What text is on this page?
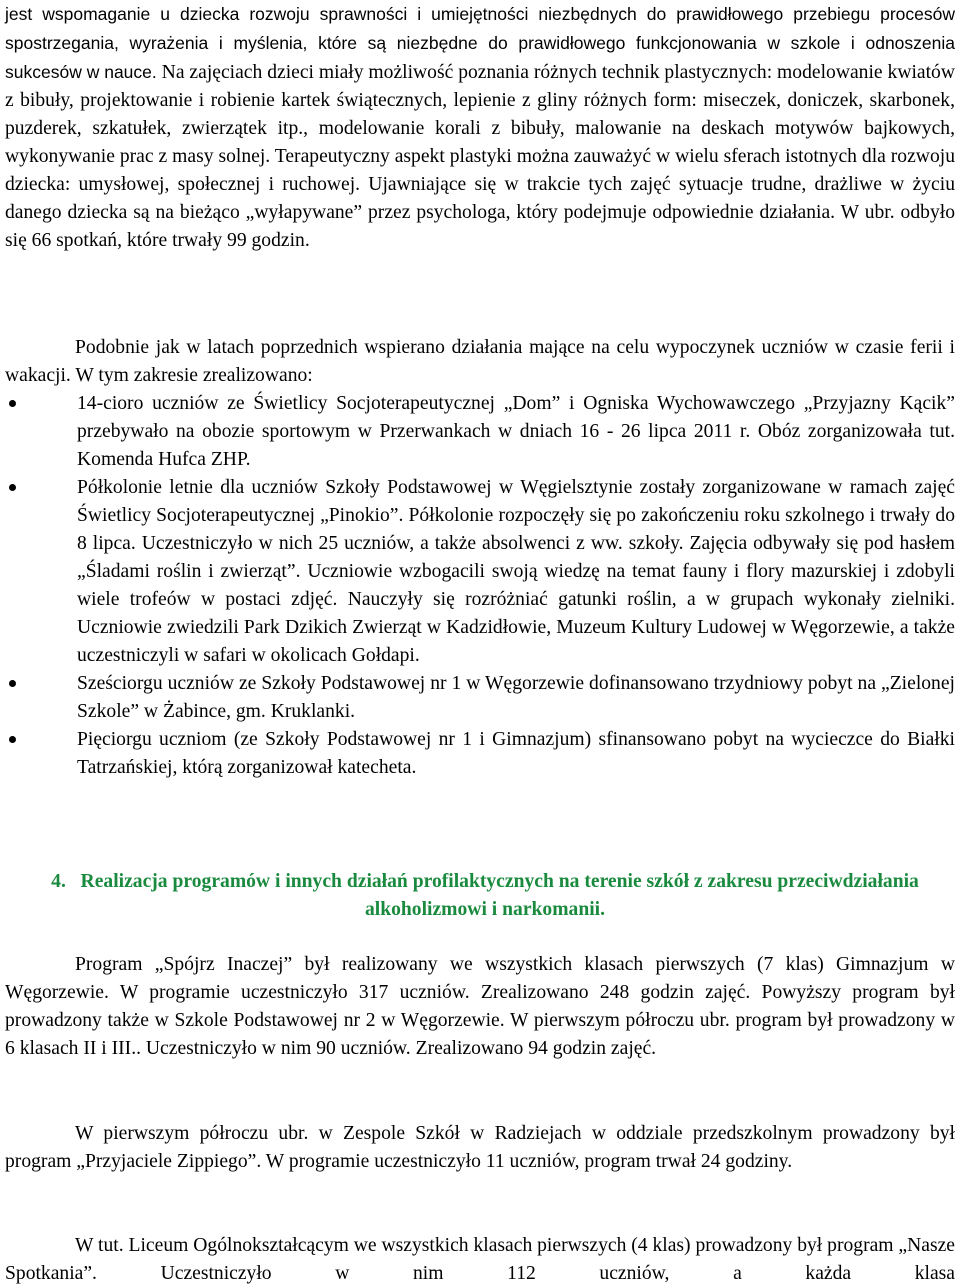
jest wspomaganie u dziecka rozwoju sprawności i umiejętności niezbędnych do prawidłowego przebiegu procesów spostrzegania, wyrażenia i myślenia, które są niezbędne do prawidłowego funkcjonowania w szkole i odnoszenia sukcesów w nauce. Na zajęciach dzieci miały możliwość poznania różnych technik plastycznych: modelowanie kwiatów z bibuły, projektowanie i robienie kartek świątecznych, lepienie z gliny różnych form: miseczek, doniczek, skarbonek, puzderek, szkatułek, zwierzątek itp., modelowanie korali z bibuły, malowanie na deskach motywów bajkowych, wykonywanie prac z masy solnej. Terapeutyczny aspekt plastyki można zauważyć w wielu sferach istotnych dla rozwoju dziecka: umysłowej, społecznej i ruchowej. Ujawniające się w trakcie tych zajęć sytuacje trudne, drażliwe w życiu danego dziecka są na bieżąco „wyłapywane” przez psychologa, który podejmuje odpowiednie działania. W ubr. odbyło się 66 spotkań, które trwały 99 godzin.

Podobnie jak w latach poprzednich wspierano działania mające na celu wypoczynek uczniów w czasie ferii i wakacji. W tym zakresie zrealizowano:

14-cioro uczniów ze Świetlicy Socjoterapeutycznej „Dom” i Ogniska Wychowawczego „Przyjazny Kącik” przebywało na obozie sportowym w Przerwankach w dniach 16 - 26 lipca 2011 r. Obóz zorganizowała tut. Komenda Hufca ZHP.
Półkolonie letnie dla uczniów Szkoły Podstawowej w Węgielsztynie zostały zorganizowane w ramach zajęć Świetlicy Socjoterapeutycznej „Pinokio”. Półkolonie rozpoczęły się po zakończeniu roku szkolnego i trwały do 8 lipca. Uczestniczyło w nich 25 uczniów, a także absolwenci z ww. szkoły. Zajęcia odbywały się pod hasłem „Śladami roślin i zwierząt”. Uczniowie wzbogacili swoją wiedzę na temat fauny i flory mazurskiej i zdobyli wiele trofeów w postaci zdjęć. Nauczyły się rozróżniać gatunki roślin, a w grupach wykonały zielniki. Uczniowie zwiedzili Park Dzikich Zwierząt w Kadzidłowie, Muzeum Kultury Ludowej w Węgorzewie, a także uczestniczyli w safari w okolicach Gołdapi.
Sześciorgu uczniów ze Szkoły Podstawowej nr 1 w Węgorzewie dofinansowano trzydniowy pobyt na „Zielonej Szkole” w Żabince, gm. Kruklanki.
Pięciorgu uczniom (ze Szkoły Podstawowej nr 1 i Gimnazjum) sfinansowano pobyt na wycieczce do Białki Tatrzańskiej, którą zorganizował katecheta.
4. Realizacja programów i innych działań profilaktycznych na terenie szkół z zakresu przeciwdziałania alkoholizmowi i narkomanii.

Program „Spójrz Inaczej” był realizowany we wszystkich klasach pierwszych (7 klas) Gimnazjum w Węgorzewie. W programie uczestniczyło 317 uczniów. Zrealizowano 248 godzin zajęć. Powyższy program był prowadzony także w Szkole Podstawowej nr 2 w Węgorzewie. W pierwszym półroczu ubr. program był prowadzony w 6 klasach II i III.. Uczestniczyło w nim 90 uczniów. Zrealizowano 94 godzin zajęć.

W pierwszym półroczu ubr. w Zespole Szkół w Radziejach w oddziale przedszkolnym prowadzony był program „Przyjaciele Zippiego”. W programie uczestniczyło 11 uczniów, program trwał 24 godziny.

W tut. Liceum Ogólnokształcącym we wszystkich klasach pierwszych (4 klas) prowadzony był program „Nasze Spotkania”. Uczestniczyło w nim 112 uczniów, a każda klasa
